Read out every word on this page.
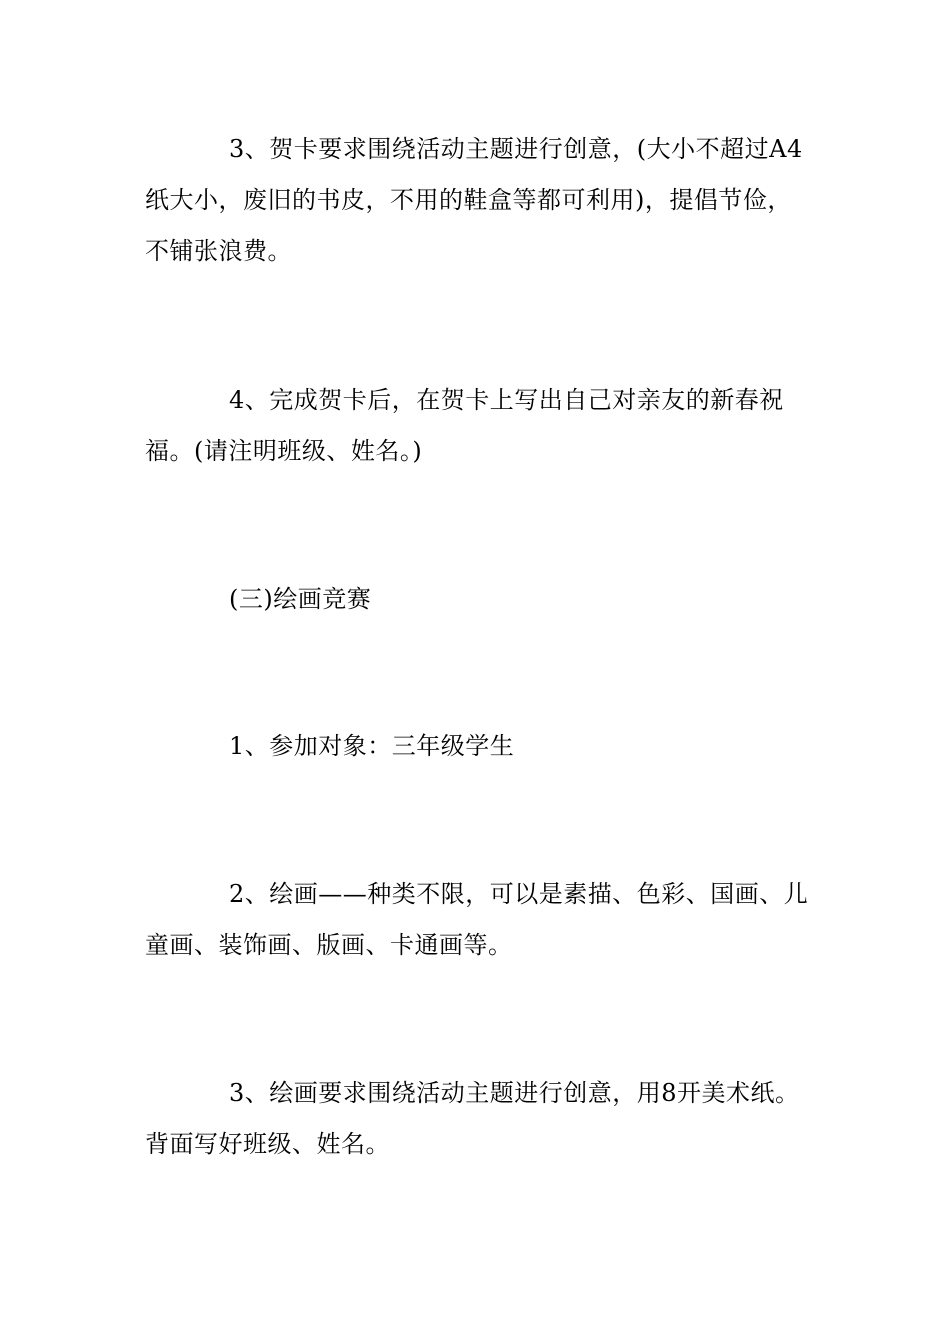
3、贺卡要求围绕活动主题进行创意，(大小不超过A4纸大小，废旧的书皮，不用的鞋盒等都可利用)，提倡节俭，不铺张浪费。

4、完成贺卡后，在贺卡上写出自己对亲友的新春祝福。(请注明班级、姓名。)

(三)绘画竞赛

1、参加对象：三年级学生

2、绘画——种类不限，可以是素描、色彩、国画、儿童画、装饰画、版画、卡通画等。

3、绘画要求围绕活动主题进行创意，用8开美术纸。背面写好班级、姓名。
